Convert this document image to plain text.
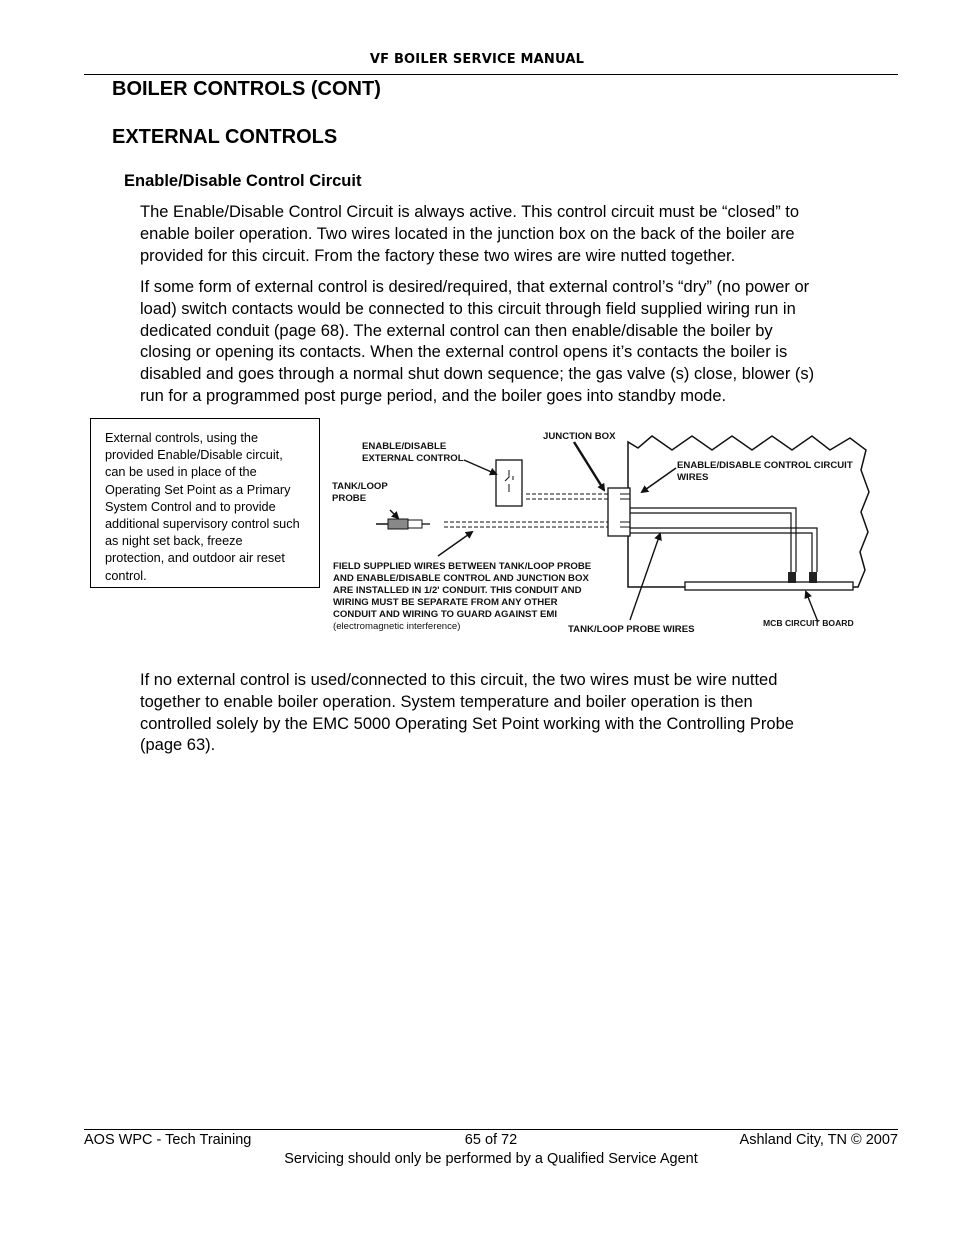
VF BOILER SERVICE MANUAL
BOILER CONTROLS (CONT)
EXTERNAL CONTROLS
Enable/Disable Control Circuit
The Enable/Disable Control Circuit is always active. This control circuit must be “closed” to
enable boiler operation. Two wires located in the junction box on the back of the boiler are
provided for this circuit. From the factory these two wires are wire nutted together.
If some form of external control is desired/required, that external control’s “dry” (no power or
load) switch contacts would be connected to this circuit through field supplied wiring run in
dedicated conduit (page 68). The external control can then enable/disable the boiler by
closing or opening its contacts. When the external control opens it’s contacts the boiler is
disabled and goes through a normal shut down sequence; the gas valve (s) close, blower (s)
run for a programmed post purge period, and the boiler goes into standby mode.
External controls, using the
provided Enable/Disable circuit,
can be used in place of the
Operating Set Point as a Primary
System Control and to provide
additional supervisory control such
as night set back, freeze
protection, and outdoor air reset
control.
ENABLE/DISABLE
EXTERNAL CONTROL
JUNCTION BOX
ENABLE/DISABLE CONTROL CIRCUIT
WIRES
TANK/LOOP
PROBE
FIELD SUPPLIED WIRES BETWEEN TANK/LOOP PROBE
AND ENABLE/DISABLE CONTROL AND JUNCTION BOX
ARE INSTALLED IN 1/2' CONDUIT. THIS CONDUIT AND
WIRING MUST BE SEPARATE FROM ANY OTHER
CONDUIT AND WIRING TO GUARD AGAINST EMI
(electromagnetic interference)	TANK/LOOP PROBE WIRES
MCB CIRCUIT BOARD
If no external control is used/connected to this circuit, the two wires must be wire nutted
together to enable boiler operation. System temperature and boiler operation is then
controlled solely by the EMC 5000 Operating Set Point working with the Controlling Probe
(page 63).
AOS WPC - Tech Training	65 of 72	Ashland City, TN © 2007
Servicing should only be performed by a Qualified Service Agent
